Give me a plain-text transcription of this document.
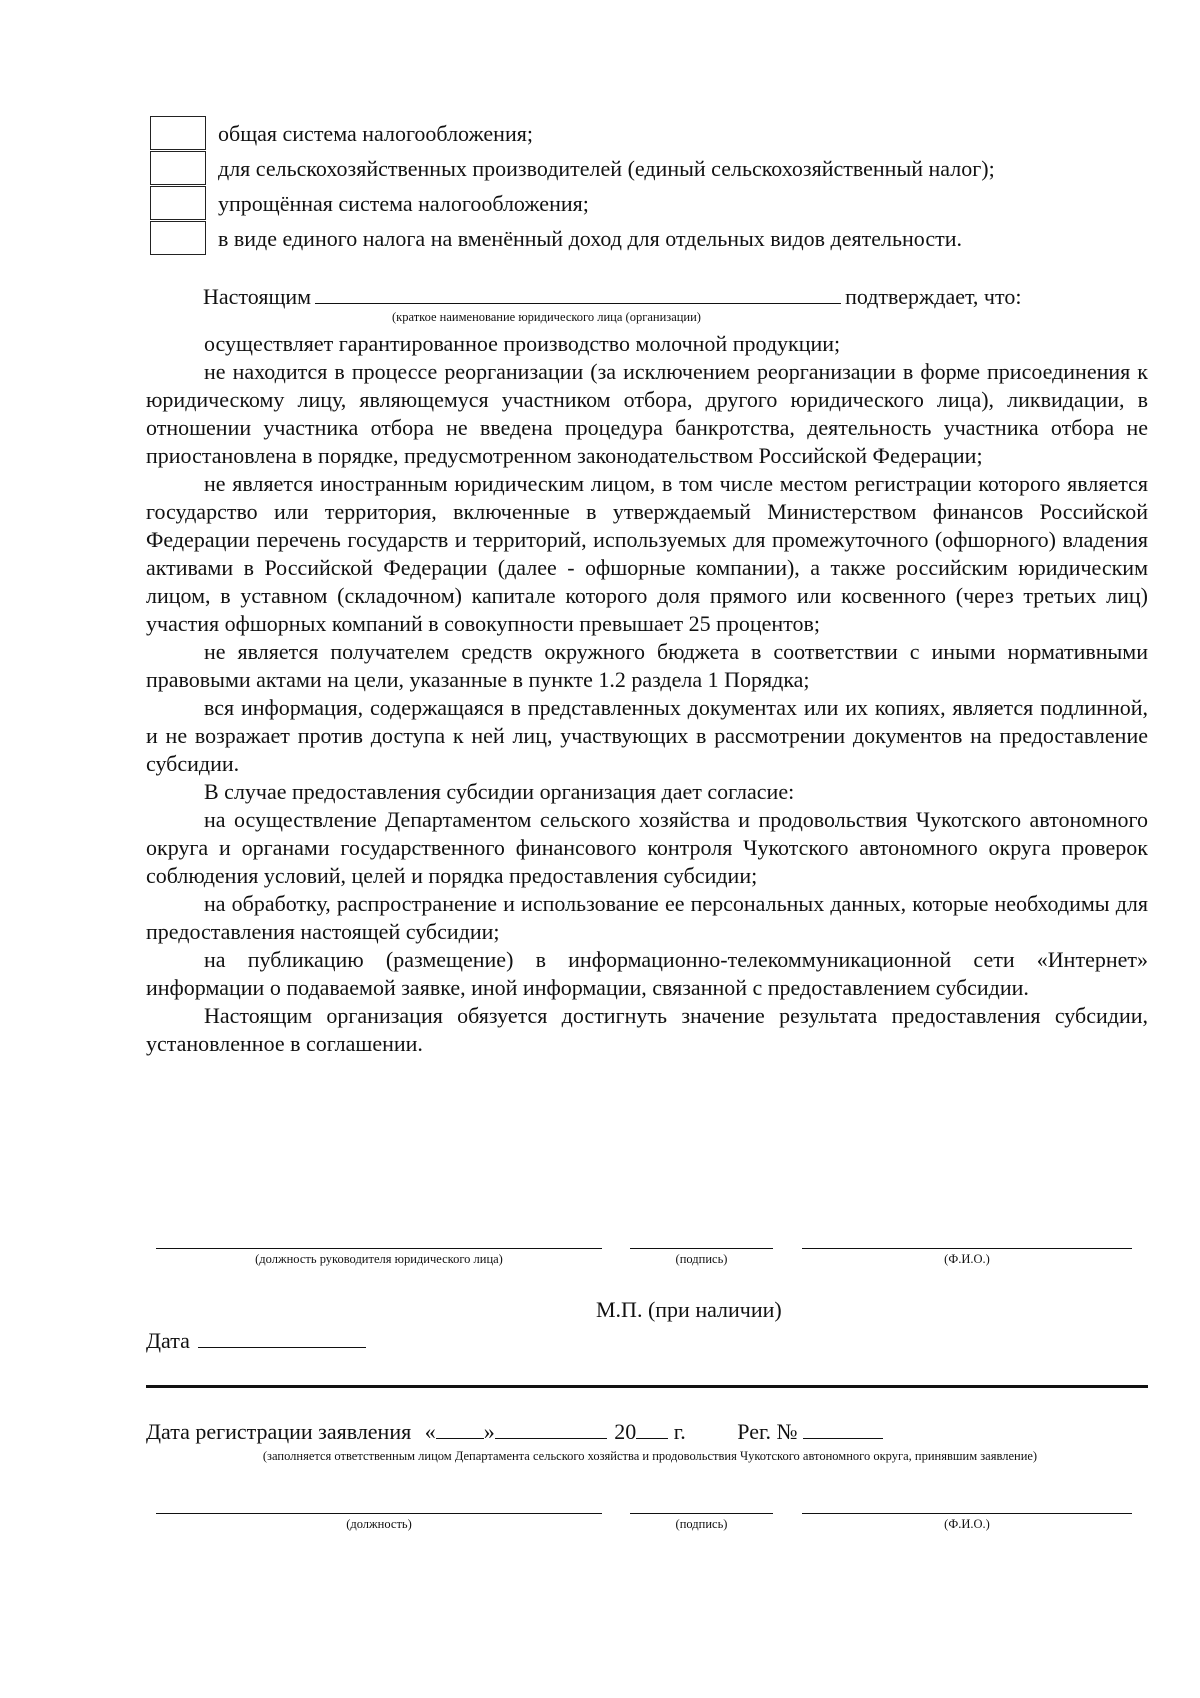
общая система налогообложения;
для сельскохозяйственных производителей (единый сельскохозяйственный налог);
упрощённая система налогообложения;
в виде единого налога на вменённый доход для отдельных видов деятельности.
Настоящим	подтверждает, что:
(краткое наименование юридического лица (организации)

осуществляет гарантированное производство молочной продукции;

не находится в процессе реорганизации (за исключением реорганизации в форме присоединения к юридическому лицу, являющемуся участником отбора, другого юридического лица), ликвидации, в отношении участника отбора не введена процедура банкротства, деятельность участника отбора не приостановлена в порядке, предусмотренном законодательством Российской Федерации;

не является иностранным юридическим лицом, в том числе местом регистрации которого является государство или территория, включенные в утверждаемый Министерством финансов Российской Федерации перечень государств и территорий, используемых для промежуточного (офшорного) владения активами в Российской Федерации (далее - офшорные компании), а также российским юридическим лицом, в уставном (складочном) капитале которого доля прямого или косвенного (через третьих лиц) участия офшорных компаний в совокупности превышает 25 процентов;

не является получателем средств окружного бюджета в соответствии с иными нормативными правовыми актами на цели, указанные в пункте 1.2 раздела 1 Порядка;

вся информация, содержащаяся в представленных документах или их копиях, является подлинной, и не возражает против доступа к ней лиц, участвующих в рассмотрении документов на предоставление субсидии.

В случае предоставления субсидии организация дает согласие:

на осуществление Департаментом сельского хозяйства и продовольствия Чукотского автономного округа и органами государственного финансового контроля Чукотского автономного округа проверок соблюдения условий, целей и порядка предоставления субсидии;

на обработку, распространение и использование ее персональных данных, которые необходимы для предоставления настоящей субсидии;

на публикацию (размещение) в информационно-телекоммуникационной сети «Интернет» информации о подаваемой заявке, иной информации, связанной с предоставлением субсидии.

Настоящим организация обязуется достигнуть значение результата предоставления субсидии, установленное в соглашении.

(должность руководителя юридического лица)	(подпись)	(Ф.И.О.)
М.П. (при наличии)
Дата
Дата регистрации заявления « »	20 г. Рег. №
(заполняется ответственным лицом Департамента сельского хозяйства и продовольствия Чукотского автономного округа, принявшим заявление)
(должность)	(подпись)	(Ф.И.О.)
